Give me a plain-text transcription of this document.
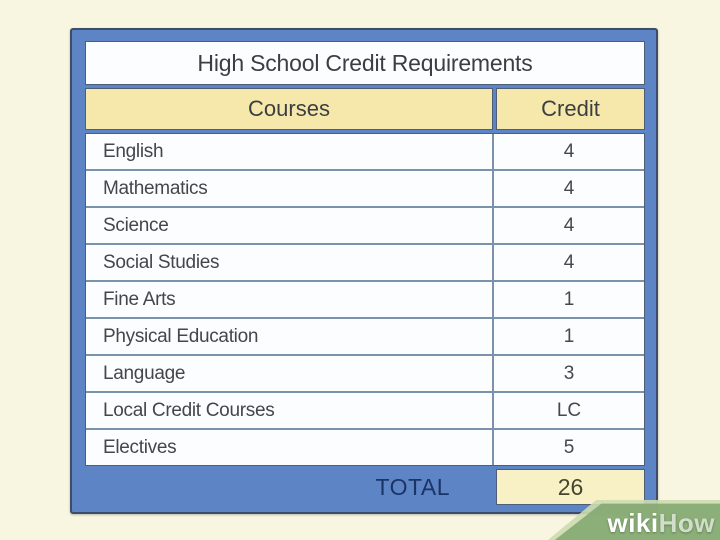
High School Credit Requirements
Courses	Credit
English	4
Mathematics	4
Science	4
Social Studies	4
Fine Arts	1
Physical Education	1
Language	3
Local Credit Courses	LC
Electives	5
TOTAL	26
wikiHow
